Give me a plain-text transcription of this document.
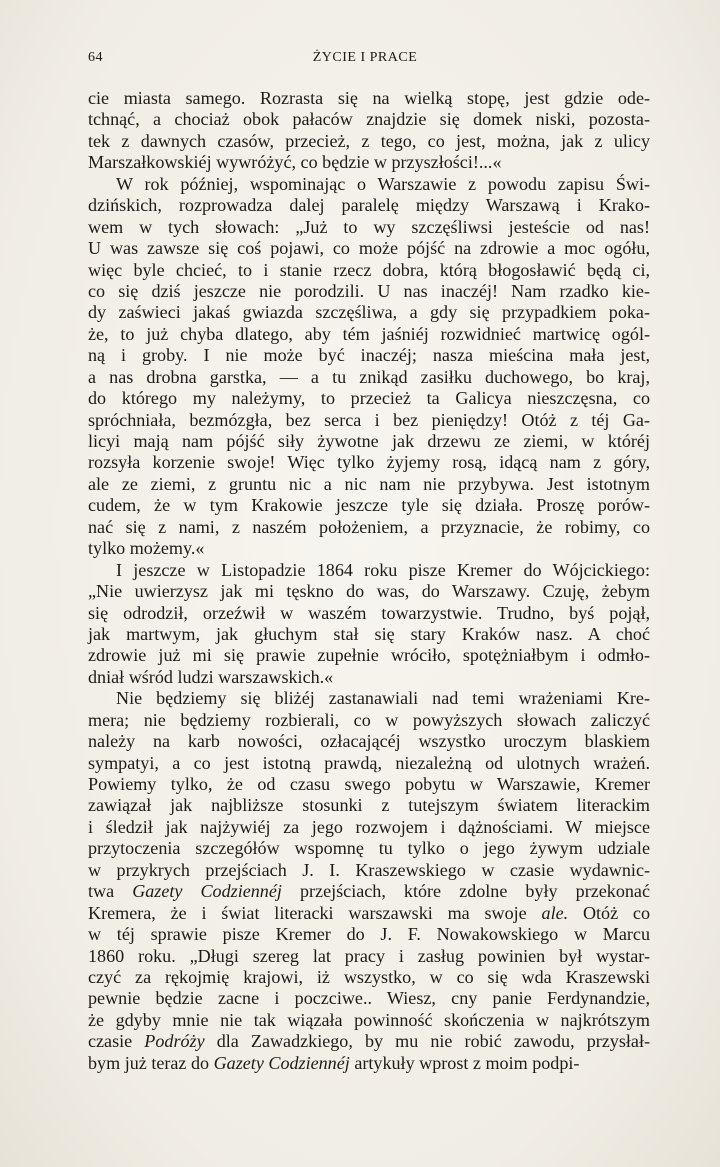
64	ŻYCIE I PRACE
cie miasta samego. Rozrasta się na wielką stopę, jest gdzie ode-
tchnąć, a chociaż obok pałaców znajdzie się domek niski, pozosta-
tek z dawnych czasów, przecież, z tego, co jest, można, jak z ulicy
Marszałkowskiéj wywróżyć, co będzie w przyszłości!...«
W rok później, wspominając o Warszawie z powodu zapisu Świ-
dzińskich, rozprowadza dalej paralelę między Warszawą i Krako-
wem w tych słowach: „Już to wy szczęśliwsi jesteście od nas!
U was zawsze się coś pojawi, co może pójść na zdrowie a moc ogółu,
więc byle chcieć, to i stanie rzecz dobra, którą błogosławić będą ci,
co się dziś jeszcze nie porodzili. U nas inaczéj! Nam rzadko kie-
dy zaświeci jakaś gwiazda szczęśliwa, a gdy się przypadkiem poka-
że, to już chyba dlatego, aby tém jaśniéj rozwidnieć martwicę ogól-
ną i groby. I nie może być inaczéj; nasza mieścina mała jest,
a nas drobna garstka, — a tu znikąd zasiłku duchowego, bo kraj,
do którego my należymy, to przecież ta Galicya nieszczęsna, co
spróchniała, bezmózgła, bez serca i bez pieniędzy! Otóż z téj Ga-
licyi mają nam pójść siły żywotne jak drzewu ze ziemi, w któréj
rozsyła korzenie swoje! Więc tylko żyjemy rosą, idącą nam z góry,
ale ze ziemi, z gruntu nic a nic nam nie przybywa. Jest istotnym
cudem, że w tym Krakowie jeszcze tyle się działa. Proszę porów-
nać się z nami, z naszém położeniem, a przyznacie, że robimy, co
tylko możemy.«
I jeszcze w Listopadzie 1864 roku pisze Kremer do Wójcickiego:
„Nie uwierzysz jak mi tęskno do was, do Warszawy. Czuję, żebym
się odrodził, orzeźwił w waszém towarzystwie. Trudno, byś pojął,
jak martwym, jak głuchym stał się stary Kraków nasz. A choć
zdrowie już mi się prawie zupełnie wróciło, spotężniałbym i odmło-
dniał wśród ludzi warszawskich.«
Nie będziemy się bliżéj zastanawiali nad temi wrażeniami Kre-
mera; nie będziemy rozbierali, co w powyższych słowach zaliczyć
należy na karb nowości, ozłacającéj wszystko uroczym blaskiem
sympatyi, a co jest istotną prawdą, niezależną od ulotnych wrażeń.
Powiemy tylko, że od czasu swego pobytu w Warszawie, Kremer
zawiązał jak najbliższe stosunki z tutejszym światem literackim
i śledził jak najżywiéj za jego rozwojem i dążnościami. W miejsce
przytoczenia szczegółów wspomnę tu tylko o jego żywym udziale
w przykrych przejściach J. I. Kraszewskiego w czasie wydawnic-
twa Gazety Codziennéj przejściach, które zdolne były przekonać
Kremera, że i świat literacki warszawski ma swoje ale. Otóż co
w téj sprawie pisze Kremer do J. F. Nowakowskiego w Marcu
1860 roku. „Długi szereg lat pracy i zasług powinien był wystar-
czyć za rękojmię krajowi, iż wszystko, w co się wda Kraszewski
pewnie będzie zacne i poczciwe.. Wiesz, cny panie Ferdynandzie,
że gdyby mnie nie tak wiązała powinność skończenia w najkrótszym
czasie Podróży dla Zawadzkiego, by mu nie robić zawodu, przysłał-
bym już teraz do Gazety Codziennéj artykuły wprost z moim podpi-
